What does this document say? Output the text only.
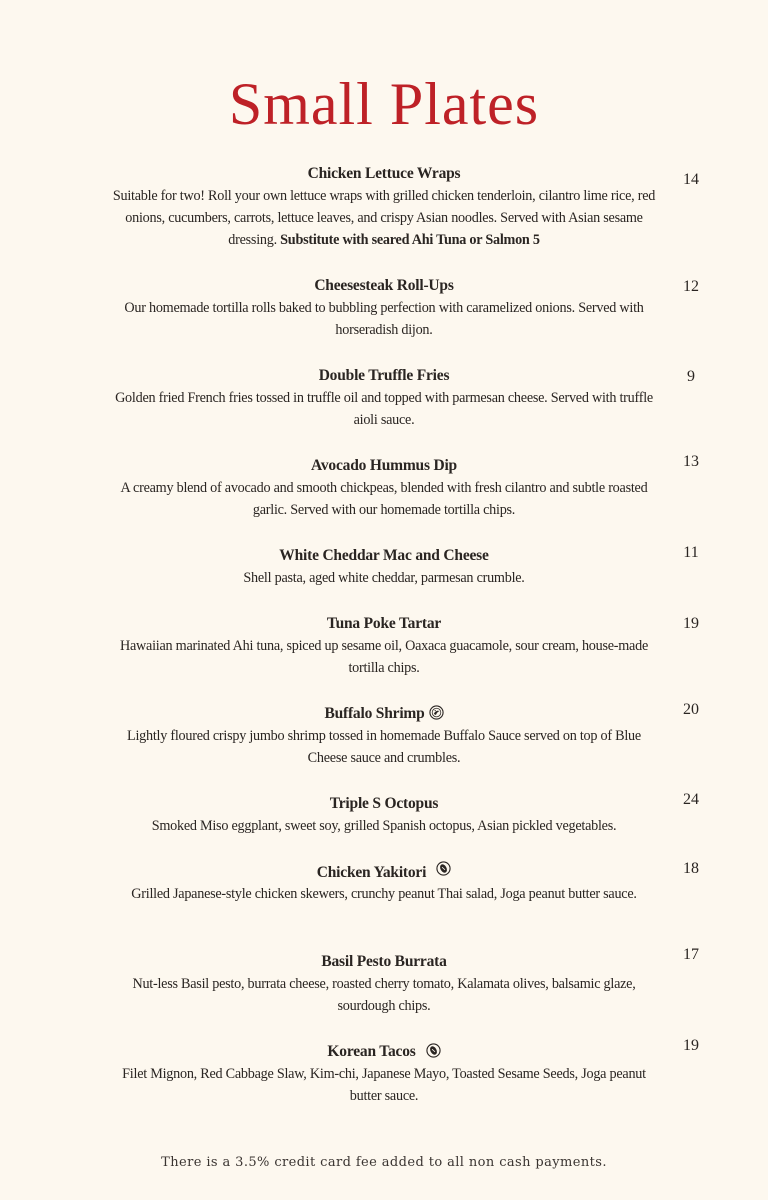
Small Plates
Chicken Lettuce Wraps
Suitable for two! Roll your own lettuce wraps with grilled chicken tenderloin, cilantro lime rice, red onions, cucumbers, carrots, lettuce leaves, and crispy Asian noodles. Served with Asian sesame dressing. Substitute with seared Ahi Tuna or Salmon 5
14
Cheesesteak Roll-Ups
Our homemade tortilla rolls baked to bubbling perfection with caramelized onions. Served with horseradish dijon.
12
Double Truffle Fries
Golden fried French fries tossed in truffle oil and topped with parmesan cheese. Served with truffle aioli sauce.
9
Avocado Hummus Dip
A creamy blend of avocado and smooth chickpeas, blended with fresh cilantro and subtle roasted garlic. Served with our homemade tortilla chips.
13
White Cheddar Mac and Cheese
Shell pasta, aged white cheddar, parmesan crumble.
11
Tuna Poke Tartar
Hawaiian marinated Ahi tuna, spiced up sesame oil, Oaxaca guacamole, sour cream, house-made tortilla chips.
19
Buffalo Shrimp
Lightly floured crispy jumbo shrimp tossed in homemade Buffalo Sauce served on top of Blue Cheese sauce and crumbles.
20
Triple S Octopus
Smoked Miso eggplant, sweet soy, grilled Spanish octopus, Asian pickled vegetables.
24
Chicken Yakitori
Grilled Japanese-style chicken skewers, crunchy peanut Thai salad, Joga peanut butter sauce.
18
Basil Pesto Burrata
Nut-less Basil pesto, burrata cheese, roasted cherry tomato, Kalamata olives, balsamic glaze, sourdough chips.
17
Korean Tacos
Filet Mignon, Red Cabbage Slaw, Kim-chi, Japanese Mayo, Toasted Sesame Seeds, Joga peanut butter sauce.
19
There is a 3.5% credit card fee added to all non cash payments.
